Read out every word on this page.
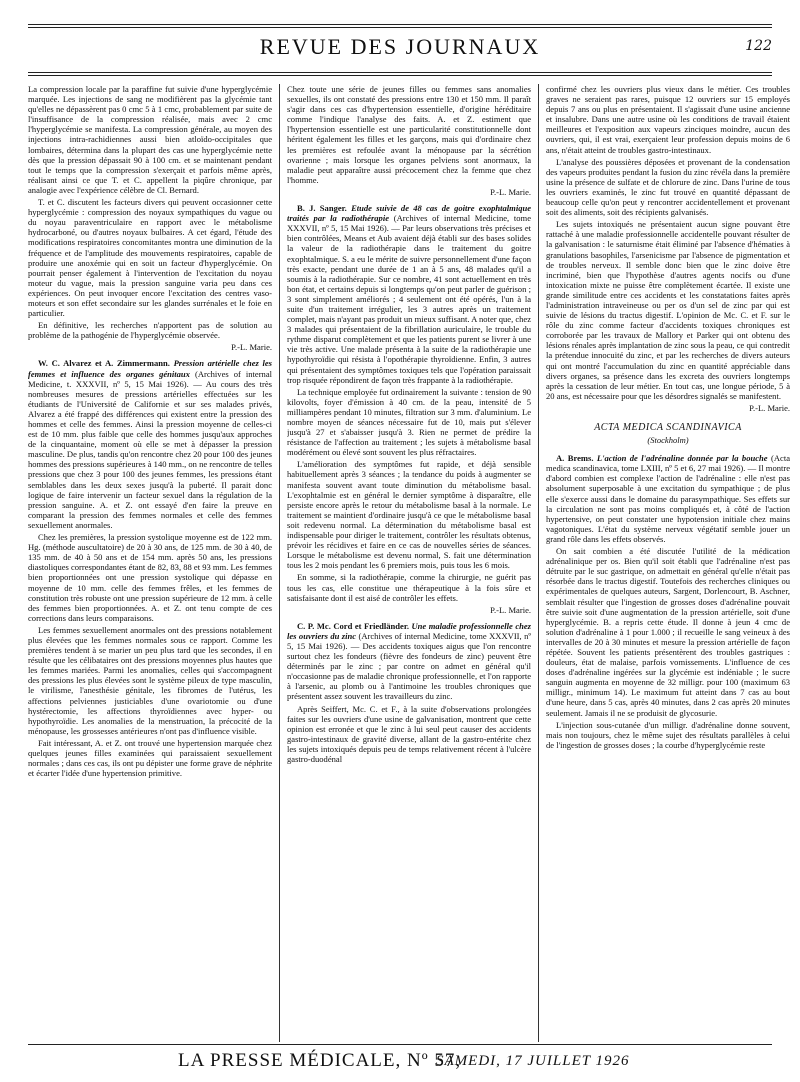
REVUE DES JOURNAUX	122

La compression locale par la paraffine fut suivie d'une hyperglycémie marquée. Les injections de sang ne modifièrent pas la glycémie tant qu'elles ne dépassèrent pas 0 cmc 5 à 1 cmc, probablement par suite de l'insuffisance de la compression réalisée, mais avec 2 cmc l'hyperglycémie se manifesta. La compression générale, au moyen des injections intra-rachidiennes aussi bien atloïdo-occipitales que lombaires, détermina dans la plupart des cas une hyperglycémie nette dès que la pression dépassait 90 à 100 cm. et se maintenant pendant tout le temps que la compression s'exerçait et parfois même après, réalisant ainsi ce que T. et C. appellent la piqûre chronique, par analogie avec l'expérience célèbre de Cl. Bernard.

T. et C. discutent les facteurs divers qui peuvent occasionner cette hyperglycémie : compression des noyaux sympathiques du vague ou du noyau paraventriculaire en rapport avec le métabolisme hydrocarboné, ou d'autres noyaux bulbaires. A cet égard, l'étude des modifications respiratoires concomitantes montra une diminution de la fréquence et de l'amplitude des mouvements respiratoires, capable de produire une anoxémie qui en soit un facteur d'hyperglycémie. On pourrait penser également à l'intervention de l'excitation du noyau moteur du vague, mais la pression sanguine varia peu dans ces expériences. On peut invoquer encore l'excitation des centres vaso-moteurs et son effet secondaire sur les glandes surrénales et le foie en particulier.

En définitive, les recherches n'apportent pas de solution au problème de la pathogénie de l'hyperglycémie observée.

P.-L. Marie.

W. C. Alvarez et A. Zimmermann. Pression artérielle chez les femmes et influence des organes génitaux (Archives of internal Medicine, t. XXXVII, nº 5, 15 Mai 1926). — Au cours des très nombreuses mesures de pressions artérielles effectuées sur les étudiants de l'Université de Californie et sur ses malades privés, Alvarez a été frappé des différences qui existent entre la pression des hommes et celle des femmes. Ainsi la pression moyenne de celles-ci est de 10 mm. plus faible que celle des hommes jusqu'aux approches de la cinquantaine, moment où elle se met à dépasser la pression masculine. De plus, tandis qu'on rencontre chez 20 pour 100 des jeunes hommes des pressions supérieures à 140 mm., on ne rencontre de telles pressions que chez 3 pour 100 des jeunes femmes, les pressions étant semblables dans les deux sexes jusqu'à la puberté. Il parait donc logique de faire intervenir un facteur sexuel dans la régulation de la pression sanguine. A. et Z. ont essayé d'en faire la preuve en comparant la pression des femmes normales et celle des femmes sexuellement anormales.

Chez les premières, la pression systolique moyenne est de 122 mm. Hg. (méthode auscultatoire) de 20 à 30 ans, de 125 mm. de 30 à 40, de 135 mm. de 40 à 50 ans et de 154 mm. après 50 ans, les pressions diastoliques correspondantes étant de 82, 83, 88 et 93 mm. Les femmes bien proportionnées ont une pression systolique qui dépasse en moyenne de 10 mm. celle des femmes frêles, et les femmes de constitution très robuste ont une pression supérieure de 12 mm. à celle des femmes bien proportionnées. A. et Z. ont tenu compte de ces corrections dans leurs comparaisons.

Les femmes sexuellement anormales ont des pressions notablement plus élevées que les femmes normales sous ce rapport. Comme les premières tendent à se marier un peu plus tard que les secondes, il en résulte que les célibataires ont des pressions moyennes plus hautes que les femmes mariées. Parmi les anomalies, celles qui s'accompagnent des pressions les plus élevées sont le système pileux de type masculin, le virilisme, l'anesthésie génitale, les fibromes de l'utérus, les affections pelviennes justiciables d'une ovariotomie ou d'une hystérectomie, les affections thyroïdiennes avec hyper- ou hypothyroïdie. Les anomalies de la menstruation, la précocité de la ménopause, les grossesses antérieures n'ont pas d'influence visible.

Fait intéressant, A. et Z. ont trouvé une hypertension marquée chez quelques jeunes filles examinées qui paraissaient sexuellement normales ; dans ces cas, ils ont pu dépister une forme grave de néphrite et écarter l'idée d'une hypertension primitive.

Chez toute une série de jeunes filles ou femmes sans anomalies sexuelles, ils ont constaté des pressions entre 130 et 150 mm. Il paraît s'agir dans ces cas d'hypertension essentielle, d'origine héréditaire comme l'indique l'analyse des faits. A. et Z. estiment que l'hypertension essentielle est une particularité constitutionnelle dont héritent également les filles et les garçons, mais qui d'ordinaire chez les premières est refoulée avant la ménopause par la sécrétion ovarienne ; mais lorsque les organes pelviens sont anormaux, la maladie peut apparaître aussi précocement chez la femme que chez l'homme.

P.-L. Marie.

B. J. Sanger. Etude suivie de 48 cas de goitre exophtalmique traités par la radiothérapie (Archives of internal Medicine, tome XXXVII, nº 5, 15 Mai 1926). — Par leurs observations très précises et bien contrôlées, Means et Aub avaient déjà établi sur des bases solides la valeur de la radiothérapie dans le traitement du goitre exophtalmique. S. a eu le mérite de suivre personnellement d'une façon très exacte, pendant une durée de 1 an à 5 ans, 48 malades qu'il a soumis à la radiothérapie. Sur ce nombre, 41 sont actuellement en très bon état, et certains depuis si longtemps qu'on peut parler de guérison ; 3 sont simplement améliorés ; 4 seulement ont été opérés, l'un à la suite d'un traitement irrégulier, les 3 autres après un traitement complet, mais n'ayant pas produit un mieux suffisant. A noter que, chez 3 malades qui présentaient de la fibrillation auriculaire, le trouble du rythme disparut complètement et que les patients purent se livrer à une vie très active. Une malade présenta à la suite de la radiothérapie une hypothyroïdie qui résista à l'opothérapie thyroïdienne. Enfin, 3 autres qui présentaient des symptômes toxiques tels que l'opération paraissait trop risquée répondirent de façon très frappante à la radiothérapie.

La technique employée fut ordinairement la suivante : tension de 90 kilovolts, foyer d'émission à 40 cm. de la peau, intensité de 5 milliampères pendant 10 minutes, filtration sur 3 mm. d'aluminium. Le nombre moyen de séances nécessaire fut de 10, mais put s'élever jusqu'à 27 et s'abaisser jusqu'à 3. Rien ne permet de prédire la résistance de l'affection au traitement ; les sujets à métabolisme basal modérément ou élevé sont souvent les plus réfractaires.

L'amélioration des symptômes fut rapide, et déjà sensible habituellement après 3 séances ; la tendance du poids à augmenter se manifesta souvent avant toute diminution du métabolisme basal. L'exophtalmie est en général le dernier symptôme à disparaître, elle persiste encore après le retour du métabolisme basal à la normale. Le traitement se maintient d'ordinaire jusqu'à ce que le métabolisme basal soit redevenu normal. La détermination du métabolisme basal est indispensable pour diriger le traitement, contrôler les résultats obtenus, prévoir les récidives et faire en ce cas de nouvelles séries de séances. Lorsque le métabolisme est devenu normal, S. fait une détermination tous les 2 mois pendant les 6 premiers mois, puis tous les 6 mois.

En somme, si la radiothérapie, comme la chirurgie, ne guérit pas tous les cas, elle constitue une thérapeutique à la fois sûre et satisfaisante dont il est aisé de contrôler les effets.

P.-L. Marie.

C. P. Mc. Cord et Friedländer. Une maladie professionnelle chez les ouvriers du zinc (Archives of internal Medicine, tome XXXVII, nº 5, 15 Mai 1926). — Des accidents toxiques aigus que l'on rencontre surtout chez les fondeurs (fièvre des fondeurs de zinc) peuvent être déterminés par le zinc ; par contre on admet en général qu'il n'occasionne pas de maladie chronique professionnelle, et l'on rapporte à l'arsenic, au plomb ou à l'antimoine les troubles chroniques que présentent assez souvent les travailleurs du zinc.

Après Seiffert, Mc. C. et F., à la suite d'observations prolongées faites sur les ouvriers d'une usine de galvanisation, montrent que cette opinion est erronée et que le zinc à lui seul peut causer des accidents gastro-intestinaux de gravité diverse, allant de la gastro-entérite chez les sujets intoxiqués depuis peu de temps relativement récent à l'ulcère gastro-duodénal

confirmé chez les ouvriers plus vieux dans le métier. Ces troubles graves ne seraient pas rares, puisque 12 ouvriers sur 15 employés depuis 7 ans ou plus en présentaient. Il s'agissait d'une usine ancienne et insalubre. Dans une autre usine où les conditions de travail étaient meilleures et l'exposition aux vapeurs zinciques moindre, aucun des ouvriers, qui, il est vrai, exerçaient leur profession depuis moins de 6 ans, n'était atteint de troubles gastro-intestinaux.

L'analyse des poussières déposées et provenant de la condensation des vapeurs produites pendant la fusion du zinc révéla dans la première usine la présence de sulfate et de chlorure de zinc. Dans l'urine de tous les ouvriers examinés, le zinc fut trouvé en quantité dépassant de beaucoup celle qu'on peut y rencontrer accidentellement et provenant soit des aliments, soit des récipients galvanisés.

Les sujets intoxiqués ne présentaient aucun signe pouvant être rattaché à une maladie professionnelle accidentelle pouvant résulter de la galvanisation : le saturnisme était éliminé par l'absence d'hématies à granulations basophiles, l'arsenicisme par l'absence de pigmentation et de troubles nerveux. Il semble donc bien que le zinc doive être incriminé, bien que l'hypothèse d'autres agents nocifs ou d'une intoxication mixte ne puisse être complètement écartée. Il existe une grande similitude entre ces accidents et les constatations faites après l'administration intraveineuse ou per os d'un sel de zinc par qui est suivie de lésions du tractus digestif. L'opinion de Mc. C. et F. sur le rôle du zinc comme facteur d'accidents toxiques chroniques est corroborée par les travaux de Mallory et Parker qui ont obtenu des lésions rénales après implantation de zinc sous la peau, ce qui contredit la prétendue innocuité du zinc, et par les recherches de divers auteurs qui ont montré l'accumulation du zinc en quantité appréciable dans divers organes, sa présence dans les excreta des ouvriers longtemps après la cessation de leur métier. En tout cas, une longue période, 5 à 20 ans, est nécessaire pour que les désordres signalés se manifestent.

P.-L. Marie.

ACTA MEDICA SCANDINAVICA

(Stockholm)

A. Brems. L'action de l'adrénaline donnée par la bouche (Acta medica scandinavica, tome LXIII, nº 5 et 6, 27 mai 1926). — Il montre d'abord combien est complexe l'action de l'adrénaline : elle n'est pas absolument superposable à une excitation du sympathique ; de plus elle s'exerce aussi dans le domaine du parasympathique. Ses effets sur la circulation ne sont pas moins compliqués et, à côté de l'action hypertensive, on peut constater une hypotension initiale chez mains vagotoniques. L'état du système nerveux végétatif semble jouer un grand rôle dans les effets observés.

On sait combien a été discutée l'utilité de la médication adrénalinique per os. Bien qu'il soit établi que l'adrénaline n'est pas détruite par le suc gastrique, on admettait en général qu'elle n'était pas résorbée dans le tractus digestif. Toutefois des recherches cliniques ou expérimentales de quelques auteurs, Sargent, Dorlencourt, B. Aschner, semblait résulter que l'ingestion de grosses doses d'adrénaline pouvait être suivie soit d'une augmentation de la pression artérielle, soit d'une hyperglycémie. B. a repris cette étude. Il donne à jeun 4 cmc de solution d'adrénaline à 1 pour 1.000 ; il recueille le sang veineux à des intervalles de 20 à 30 minutes et mesure la pression artérielle de façon répétée. Souvent les patients présentèrent des troubles gastriques : douleurs, état de malaise, parfois vomissements. L'influence de ces doses d'adrénaline ingérées sur la glycémie est indéniable ; le sucre sanguin augmenta en moyenne de 32 milligr. pour 100 (maximum 63 milligr., minimum 14). Le maximum fut atteint dans 7 cas au bout d'une heure, dans 5 cas, après 40 minutes, dans 2 cas après 20 minutes seulement. Jamais il ne se produisit de glycosurie.

L'injection sous-cutanée d'un milligr. d'adrénaline donne souvent, mais non toujours, chez le même sujet des résultats parallèles à celui de l'ingestion de grosses doses ; la courbe d'hyperglycémie reste

LA PRESSE MÉDICALE, Nº 57,
SAMEDI, 17 JUILLET 1926
